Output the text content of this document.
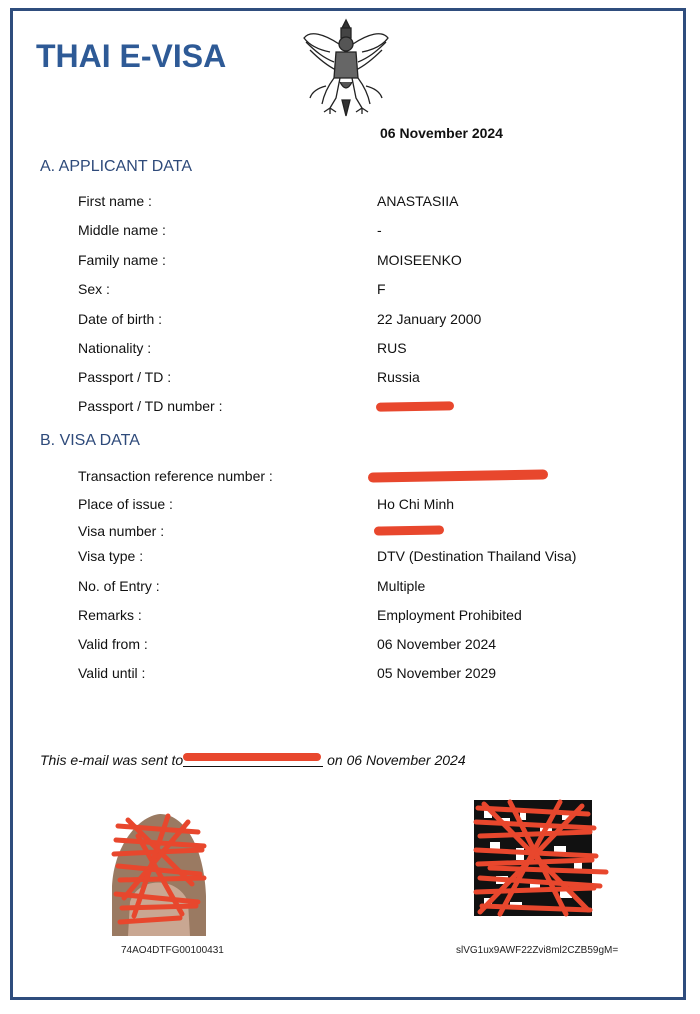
THAI E-VISA
06 November 2024
A. APPLICANT DATA
First name :	ANASTASIIA
Middle name :	-
Family name :	MOISEENKO
Sex :	F
Date of birth :	22 January 2000
Nationality :	RUS
Passport / TD :	Russia
Passport / TD number :
B. VISA DATA
Transaction reference number :
Place of issue :	Ho Chi Minh
Visa number :
Visa type :	DTV (Destination Thailand Visa)
No. of Entry :	Multiple
Remarks :	Employment Prohibited
Valid from :	06 November 2024
Valid until :	05 November 2029
This e-mail was sent to	on 06 November 2024
74AO4DTFG00100431	slVG1ux9AWF22Zvi8ml2CZB59gM=
